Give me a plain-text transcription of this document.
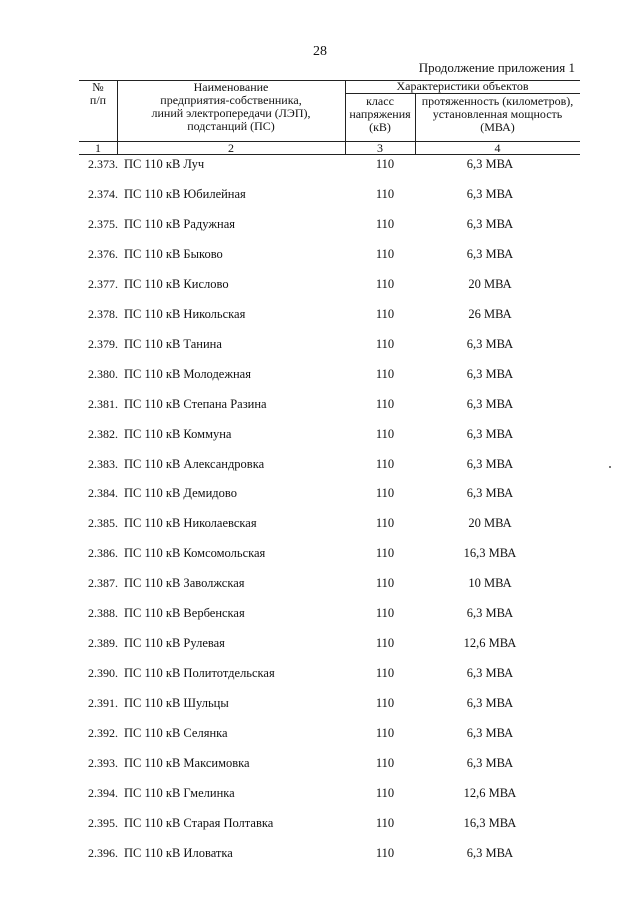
28
Продолжение приложения 1
№
п/п
Наименование
предприятия-собственника,
линий электропередачи (ЛЭП),
подстанций (ПС)
Характеристики объектов
класс
напряжения
(кВ)
протяженность (километров),
установленная мощность
(МВА)
1	2	3	4
2.373. ПС 110 кВ Луч	110	6,3 МВА
2.374. ПС 110 кВ Юбилейная	110	6,3 МВА
2.375. ПС 110 кВ Радужная	110	6,3 МВА
2.376. ПС 110 кВ Быково	110	6,3 МВА
2.377. ПС 110 кВ Кислово	110	20 МВА
2.378. ПС 110 кВ Никольская	110	26 МВА
2.379. ПС 110 кВ Танина	110	6,3 МВА
2.380. ПС 110 кВ Молодежная	110	6,3 МВА
2.381. ПС 110 кВ Степана Разина	110	6,3 МВА
2.382. ПС 110 кВ Коммуна	110	6,3 МВА
2.383. ПС 110 кВ Александровка	110	6,3 МВА
2.384. ПС 110 кВ Демидово	110	6,3 МВА
2.385. ПС 110 кВ Николаевская	110	20 МВА
2.386. ПС 110 кВ Комсомольская	110	16,3 МВА
2.387. ПС 110 кВ Заволжская	110	10 МВА
2.388. ПС 110 кВ Вербенская	110	6,3 МВА
2.389. ПС 110 кВ Рулевая	110	12,6 МВА
2.390. ПС 110 кВ Политотдельская	110	6,3 МВА
2.391. ПС 110 кВ Шульцы	110	6,3 МВА
2.392. ПС 110 кВ Селянка	110	6,3 МВА
2.393. ПС 110 кВ Максимовка	110	6,3 МВА
2.394. ПС 110 кВ Гмелинка	110	12,6 МВА
2.395. ПС 110 кВ Старая Полтавка	110	16,3 МВА
2.396. ПС 110 кВ Иловатка	110	6,3 МВА
